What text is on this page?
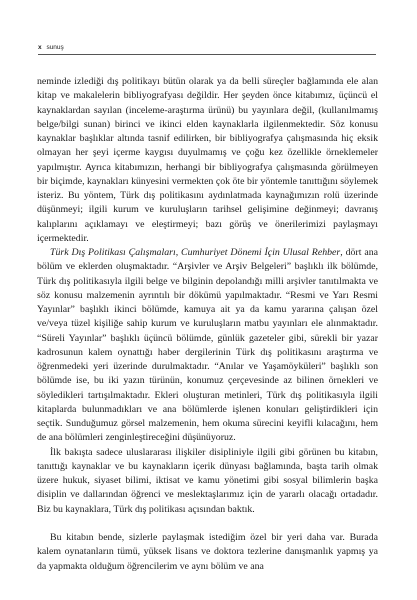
x sunuş

neminde izlediği dış politikayı bütün olarak ya da belli süreçler bağlamında ele alan kitap ve makalelerin bibliyografyası değildir. Her şeyden önce kitabımız, üçüncü el kaynaklardan sayılan (inceleme-araştırma ürünü) bu yayınlara değil, (kullanılmamış belge/bilgi sunan) birinci ve ikinci elden kaynaklarla ilgilenmektedir. Söz konusu kaynaklar başlıklar altında tasnif edilirken, bir bibliyografya çalışmasında hiç eksik olmayan her şeyi içerme kaygısı duyulmamış ve çoğu kez özellikle örneklemeler yapılmıştır. Ayrıca kitabımızın, herhangi bir bibliyografya çalışmasında görülmeyen bir biçimde, kaynakları künyesini vermekten çok öte bir yöntemle tanıttığını söylemek isteriz. Bu yöntem, Türk dış politikasını aydınlatmada kaynağımızın rolü üzerinde düşünmeyi; ilgili kurum ve kuruluşların tarihsel gelişimine değinmeyi; davranış kalıplarını açıklamayı ve eleştirmeyi; bazı görüş ve önerilerimizi paylaşmayı içermektedir.

Türk Dış Politikası Çalışmaları, Cumhuriyet Dönemi İçin Ulusal Rehber, dört ana bölüm ve eklerden oluşmaktadır. “Arşivler ve Arşiv Belgeleri” başlıklı ilk bölümde, Türk dış politikasıyla ilgili belge ve bilginin depolandığı milli arşivler tanıtılmakta ve söz konusu malzemenin ayrıntılı bir dökümü yapılmaktadır. “Resmi ve Yarı Resmi Yayınlar” başlıklı ikinci bölümde, kamuya ait ya da kamu yararına çalışan özel ve/veya tüzel kişiliğe sahip kurum ve kuruluşların matbu yayınları ele alınmaktadır. “Süreli Yayınlar” başlıklı üçüncü bölümde, günlük gazeteler gibi, sürekli bir yazar kadrosunun kalem oynattığı haber dergilerinin Türk dış politikasını araştırma ve öğrenmedeki yeri üzerinde durulmaktadır. “Anılar ve Yaşamöyküleri” başlıklı son bölümde ise, bu iki yazın türünün, konumuz çerçevesinde az bilinen örnekleri ve söyledikleri tartışılmaktadır. Ekleri oluşturan metinleri, Türk dış politikasıyla ilgili kitaplarda bulunmadıkları ve ana bölümlerde işlenen konuları geliştirdikleri için seçtik. Sunduğumuz görsel malzemenin, hem okuma sürecini keyifli kılacağını, hem de ana bölümleri zenginleştireceğini düşünüyoruz.

İlk bakışta sadece uluslararası ilişkiler disipliniyle ilgili gibi görünen bu kitabın, tanıttığı kaynaklar ve bu kaynakların içerik dünyası bağlamında, başta tarih olmak üzere hukuk, siyaset bilimi, iktisat ve kamu yönetimi gibi sosyal bilimlerin başka disiplin ve dallarından öğrenci ve meslektaşlarımız için de yararlı olacağı ortadadır. Biz bu kaynaklara, Türk dış politikası açısından baktık.

Bu kitabın bende, sizlerle paylaşmak istediğim özel bir yeri daha var. Burada kalem oynatanların tümü, yüksek lisans ve doktora tezlerine danışmanlık yapmış ya da yapmakta olduğum öğrencilerim ve aynı bölüm ve ana
